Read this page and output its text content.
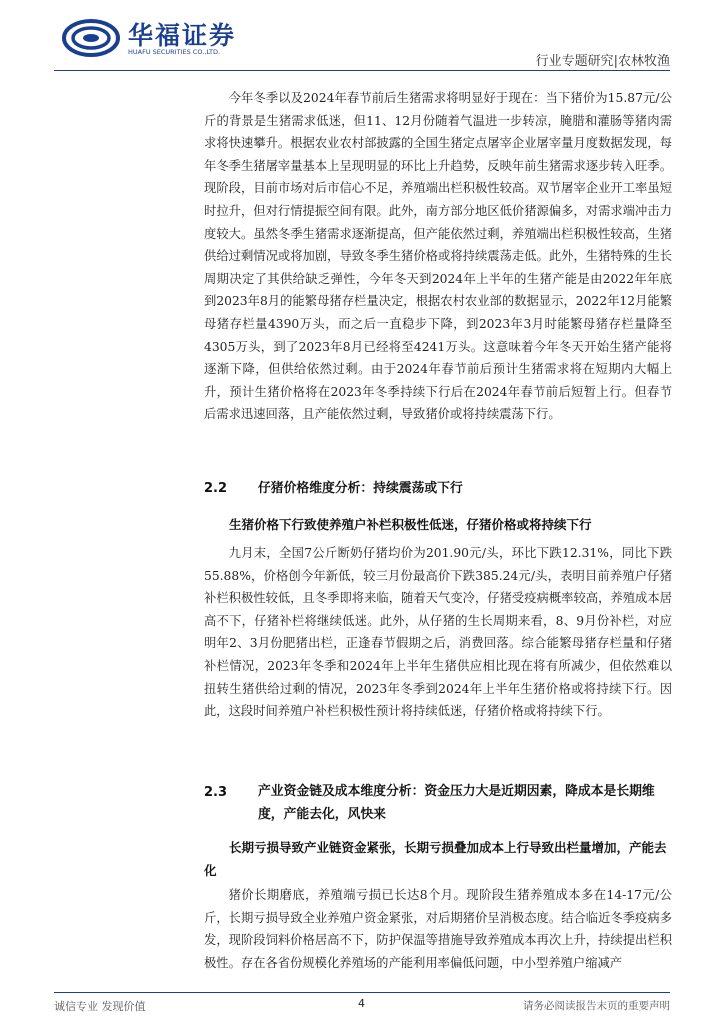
华福证券
HUAFU SECURITIES CO.,LTD.
行业专题研究|农林牧渔

今年冬季以及2024年春节前后生猪需求将明显好于现在：当下猪价为15.87元/公斤的背景是生猪需求低迷，但11、12月份随着气温进一步转凉，腌腊和灌肠等猪肉需求将快速攀升。根据农业农村部披露的全国生猪定点屠宰企业屠宰量月度数据发现，每年冬季生猪屠宰量基本上呈现明显的环比上升趋势，反映年前生猪需求逐步转入旺季。现阶段，目前市场对后市信心不足，养殖端出栏积极性较高。双节屠宰企业开工率虽短时拉升，但对行情提振空间有限。此外，南方部分地区低价猪源偏多，对需求端冲击力度较大。虽然冬季生猪需求逐渐提高，但产能依然过剩，养殖端出栏积极性较高，生猪供给过剩情况或将加剧，导致冬季生猪价格或将持续震荡走低。此外，生猪特殊的生长周期决定了其供给缺乏弹性，今年冬天到2024年上半年的生猪产能是由2022年年底到2023年8月的能繁母猪存栏量决定，根据农村农业部的数据显示，2022年12月能繁母猪存栏量4390万头，而之后一直稳步下降，到2023年3月时能繁母猪存栏量降至4305万头，到了2023年8月已经将至4241万头。这意味着今年冬天开始生猪产能将逐渐下降，但供给依然过剩。由于2024年春节前后预计生猪需求将在短期内大幅上升，预计生猪价格将在2023年冬季持续下行后在2024年春节前后短暂上行。但春节后需求迅速回落，且产能依然过剩，导致猪价或将持续震荡下行。

2.2 仔猪价格维度分析：持续震荡或下行
生猪价格下行致使养殖户补栏积极性低迷，仔猪价格或将持续下行

九月末，全国7公斤断奶仔猪均价为201.90元/头，环比下跌12.31%，同比下跌55.88%，价格创今年新低，较三月份最高价下跌385.24元/头，表明目前养殖户仔猪补栏积极性较低，且冬季即将来临，随着天气变冷，仔猪受疫病概率较高，养殖成本居高不下，仔猪补栏将继续低迷。此外，从仔猪的生长周期来看，8、9月份补栏，对应明年2、3月份肥猪出栏，正逢春节假期之后，消费回落。综合能繁母猪存栏量和仔猪补栏情况，2023年冬季和2024年上半年生猪供应相比现在将有所减少，但依然难以扭转生猪供给过剩的情况，2023年冬季到2024年上半年生猪价格或将持续下行。因此，这段时间养殖户补栏积极性预计将持续低迷，仔猪价格或将持续下行。

2.3 产业资金链及成本维度分析：资金压力大是近期因素，降成本是长期维度，产能去化，风快来
长期亏损导致产业链资金紧张，长期亏损叠加成本上行导致出栏量增加，产能去化

猪价长期磨底，养殖端亏损已长达8个月。现阶段生猪养殖成本多在14-17元/公斤，长期亏损导致全业养殖户资金紧张，对后期猪价呈消极态度。结合临近冬季疫病多发，现阶段饲料价格居高不下，防护保温等措施导致养殖成本再次上升，持续提出栏积极性。存在各省份规模化养殖场的产能利用率偏低问题，中小型养殖户缩减产

诚信专业 发现价值	4	请务必阅读报告末页的重要声明
